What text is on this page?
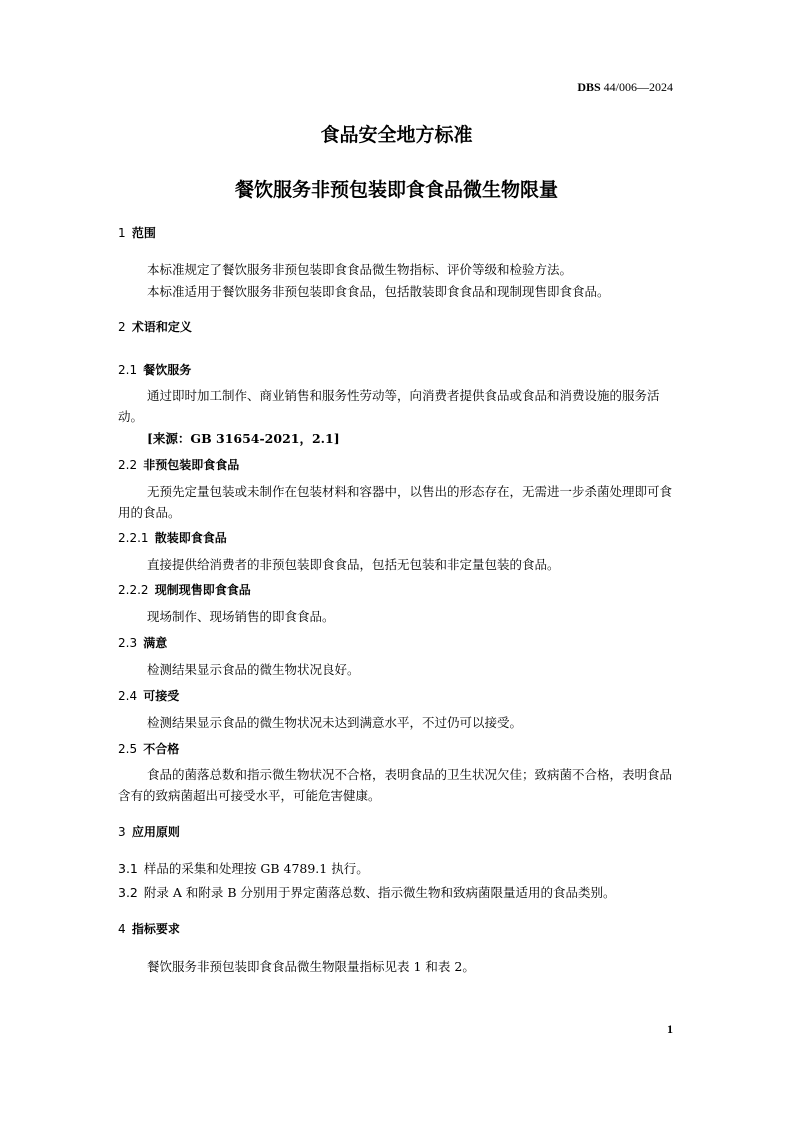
DBS 44/006—2024
食品安全地方标准
餐饮服务非预包装即食食品微生物限量
1 范围
本标准规定了餐饮服务非预包装即食食品微生物指标、评价等级和检验方法。
本标准适用于餐饮服务非预包装即食食品，包括散装即食食品和现制现售即食食品。
2 术语和定义
2.1 餐饮服务
通过即时加工制作、商业销售和服务性劳动等，向消费者提供食品或食品和消费设施的服务活动。
[来源：GB 31654-2021，2.1]
2.2 非预包装即食食品
无预先定量包装或未制作在包装材料和容器中，以售出的形态存在，无需进一步杀菌处理即可食用的食品。
2.2.1 散装即食食品
直接提供给消费者的非预包装即食食品，包括无包装和非定量包装的食品。
2.2.2 现制现售即食食品
现场制作、现场销售的即食食品。
2.3 满意
检测结果显示食品的微生物状况良好。
2.4 可接受
检测结果显示食品的微生物状况未达到满意水平，不过仍可以接受。
2.5 不合格
食品的菌落总数和指示微生物状况不合格，表明食品的卫生状况欠佳；致病菌不合格，表明食品含有的致病菌超出可接受水平，可能危害健康。
3 应用原则
3.1 样品的采集和处理按 GB 4789.1 执行。
3.2 附录 A 和附录 B 分别用于界定菌落总数、指示微生物和致病菌限量适用的食品类别。
4 指标要求
餐饮服务非预包装即食食品微生物限量指标见表 1 和表 2。
1
